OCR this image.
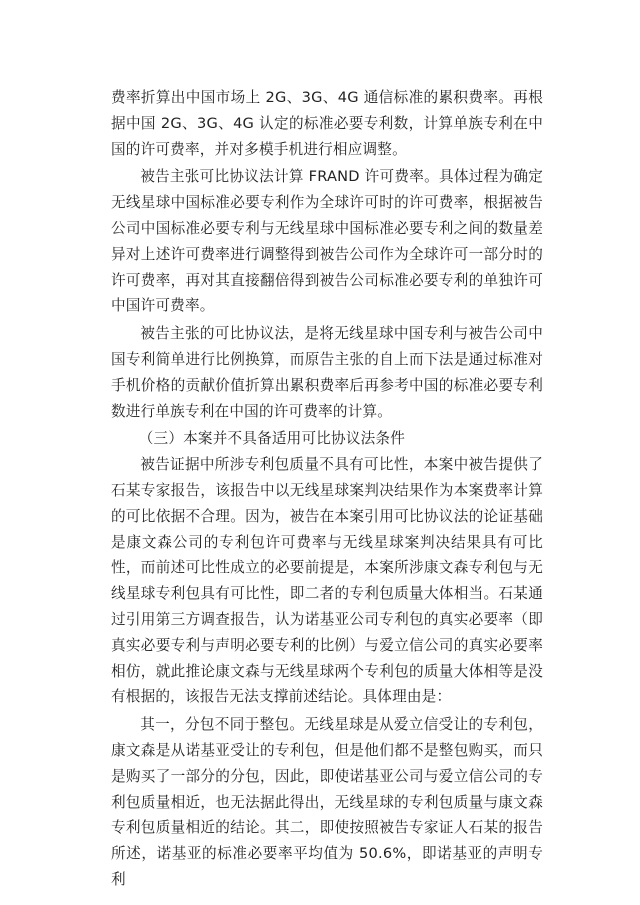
费率折算出中国市场上 2G、3G、4G 通信标准的累积费率。再根据中国 2G、3G、4G 认定的标准必要专利数，计算单族专利在中国的许可费率，并对多模手机进行相应调整。

被告主张可比协议法计算 FRAND 许可费率。具体过程为确定无线星球中国标准必要专利作为全球许可时的许可费率，根据被告公司中国标准必要专利与无线星球中国标准必要专利之间的数量差异对上述许可费率进行调整得到被告公司作为全球许可一部分时的许可费率，再对其直接翻倍得到被告公司标准必要专利的单独许可中国许可费率。

被告主张的可比协议法，是将无线星球中国专利与被告公司中国专利简单进行比例换算，而原告主张的自上而下法是通过标准对手机价格的贡献价值折算出累积费率后再参考中国的标准必要专利数进行单族专利在中国的许可费率的计算。

（三）本案并不具备适用可比协议法条件

被告证据中所涉专利包质量不具有可比性，本案中被告提供了石某专家报告，该报告中以无线星球案判决结果作为本案费率计算的可比依据不合理。因为，被告在本案引用可比协议法的论证基础是康文森公司的专利包许可费率与无线星球案判决结果具有可比性，而前述可比性成立的必要前提是，本案所涉康文森专利包与无线星球专利包具有可比性，即二者的专利包质量大体相当。石某通过引用第三方调查报告，认为诺基亚公司专利包的真实必要率（即真实必要专利与声明必要专利的比例）与爱立信公司的真实必要率相仿，就此推论康文森与无线星球两个专利包的质量大体相等是没有根据的，该报告无法支撑前述结论。具体理由是：

其一，分包不同于整包。无线星球是从爱立信受让的专利包，康文森是从诺基亚受让的专利包，但是他们都不是整包购买，而只是购买了一部分的分包，因此，即使诺基亚公司与爱立信公司的专利包质量相近，也无法据此得出，无线星球的专利包质量与康文森专利包质量相近的结论。其二，即使按照被告专家证人石某的报告所述，诺基亚的标准必要率平均值为 50.6%，即诺基亚的声明专利
